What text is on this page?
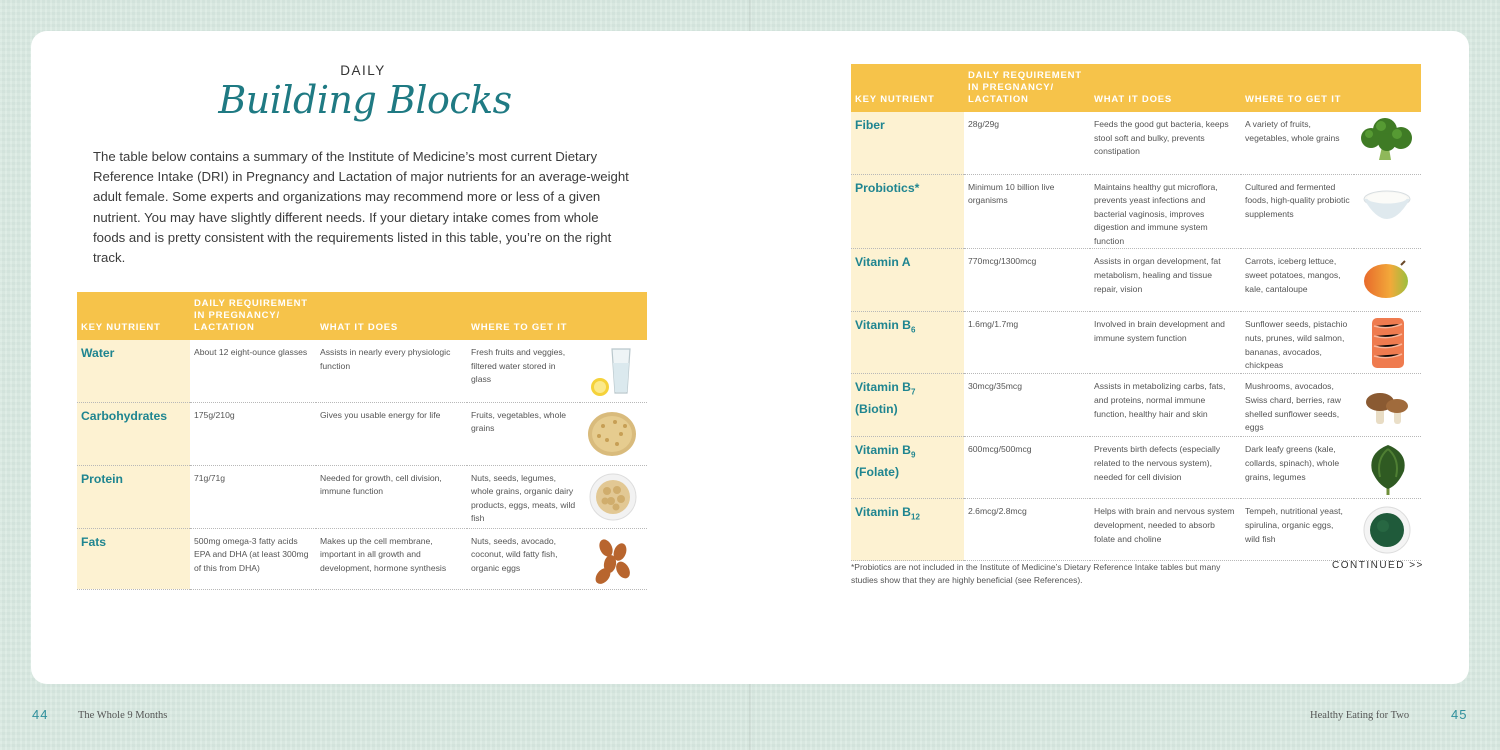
DAILY
Building Blocks

The table below contains a summary of the Institute of Medicine’s most current Dietary Reference Intake (DRI) in Pregnancy and Lactation of major nutrients for an average-weight adult female. Some experts and organizations may recommend more or less of a given nutrient. You may have slightly different needs. If your dietary intake comes from whole foods and is pretty consistent with the requirements listed in this table, you’re on the right track.

KEY NUTRIENT	DAILY REQUIREMENT
IN PREGNANCY/
LACTATION	WHAT IT DOES	WHERE TO GET IT	
Water	About 12 eight-ounce glasses	Assists in nearly every physiologic function	Fresh fruits and veggies, filtered water stored in glass	

Carbohydrates	175g/210g	Gives you usable energy for life	Fruits, vegetables, whole grains	

Protein	71g/71g	Needed for growth, cell division, immune function	Nuts, seeds, legumes, whole grains, organic dairy products, eggs, meats, wild fish	

Fats	500mg omega-3 fatty acids EPA and DHA (at least 300mg of this from DHA)	Makes up the cell membrane, important in all growth and development, hormone synthesis	Nuts, seeds, avocado, coconut, wild fatty fish, organic eggs	
44	The Whole 9 Months
KEY NUTRIENT	DAILY REQUIREMENT
IN PREGNANCY/
LACTATION	WHAT IT DOES	WHERE TO GET IT	
Fiber	28g/29g	Feeds the good gut bacteria, keeps stool soft and bulky, prevents constipation	A variety of fruits, vegetables, whole grains	

Probiotics*	Minimum 10 billion live organisms	Maintains healthy gut microflora, prevents yeast infections and bacterial vaginosis, improves digestion and immune system function	Cultured and fermented foods, high-quality probiotic supplements	

Vitamin A	770mcg/1300mcg	Assists in organ development, fat metabolism, healing and tissue repair, vision	Carrots, iceberg lettuce, sweet potatoes, mangos, kale, cantaloupe	

Vitamin $B_6$	1.6mg/1.7mg	Involved in brain development and immune system function	Sunflower seeds, pistachio nuts, prunes, wild salmon, bananas, avocados, chickpeas	

Vitamin $B_7$
(Biotin)	30mcg/35mcg	Assists in metabolizing carbs, fats, and proteins, normal immune function, healthy hair and skin	Mushrooms, avocados, Swiss chard, berries, raw shelled sunflower seeds, eggs	

Vitamin $B_9$
(Folate)	600mcg/500mcg	Prevents birth defects (especially related to the nervous system), needed for cell division	Dark leafy greens (kale, collards, spinach), whole grains, legumes	

Vitamin $B_{12}$	2.6mcg/2.8mcg	Helps with brain and nervous system development, needed to absorb folate and choline	Tempeh, nutritional yeast, spirulina, organic eggs, wild fish	
*Probiotics are not included in the Institute of Medicine’s Dietary Reference Intake tables but many studies show that they are highly beneficial (see References).
CONTINUED >>
Healthy Eating for Two	45
